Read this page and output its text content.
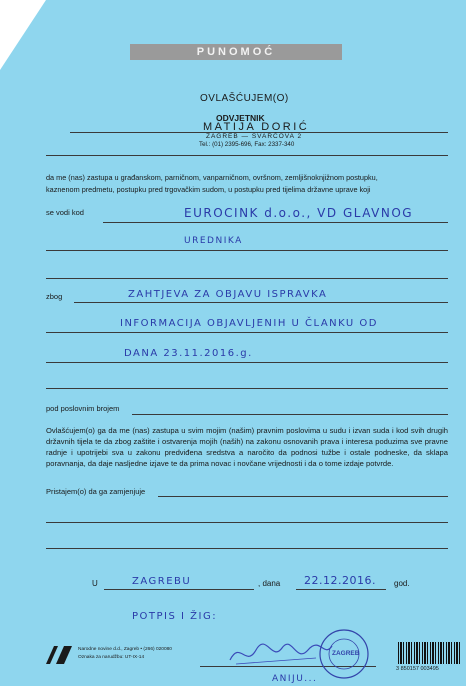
PUNOMOĆ
OVLAŠĆUJEM(O)
ODVJETNIK
MATIJA DORIĆ
ZAGREB — SVARČOVA 2
Tel.: (01) 2395-696, Fax: 2337-340
da me (nas) zastupa u građanskom, parničnom, vanparničnom, ovršnom, zemljišnoknjižnom postupku,
kaznenom predmetu, postupku pred trgovačkim sudom, u postupku pred tijelima državne uprave koji
se vodi kod	EUROCINK d.o.o., VD GLAVNOG
UREDNIKA
zbog	ZAHTJEVA ZA OBJAVU ISPRAVKA
INFORMACIJA OBJAVLJENIH U ČLANKU OD
DANA 23.11.2016.g.
pod poslovnim brojem
Ovlašćujem(o) ga da me (nas) zastupa u svim mojim (našim) pravnim poslovima u sudu i izvan suda i kod svih drugih državnih tijela te da zbog zaštite i ostvarenja mojih (naših) na zakonu osnovanih prava i interesa poduzima sve pravne radnje i upotrijebi sva u zakonu predviđena sredstva a naročito da podnosi tužbe i ostale podneske, da sklapa poravnanja, da daje nasljedne izjave te da prima novac i novčane vrijednosti i da o tome izdaje potvrde.
Pristajem(o) da ga zamjenjuje
U	ZAGREBU	, dana 22.12.2016. god.
POTPIS I ŽIG:
Narodne novine d.d., Zagreb • (266) 020080
Oznaka za narudžbu: UT-IX-14
ZAGREB
ANIJU...
3 850157 003495
